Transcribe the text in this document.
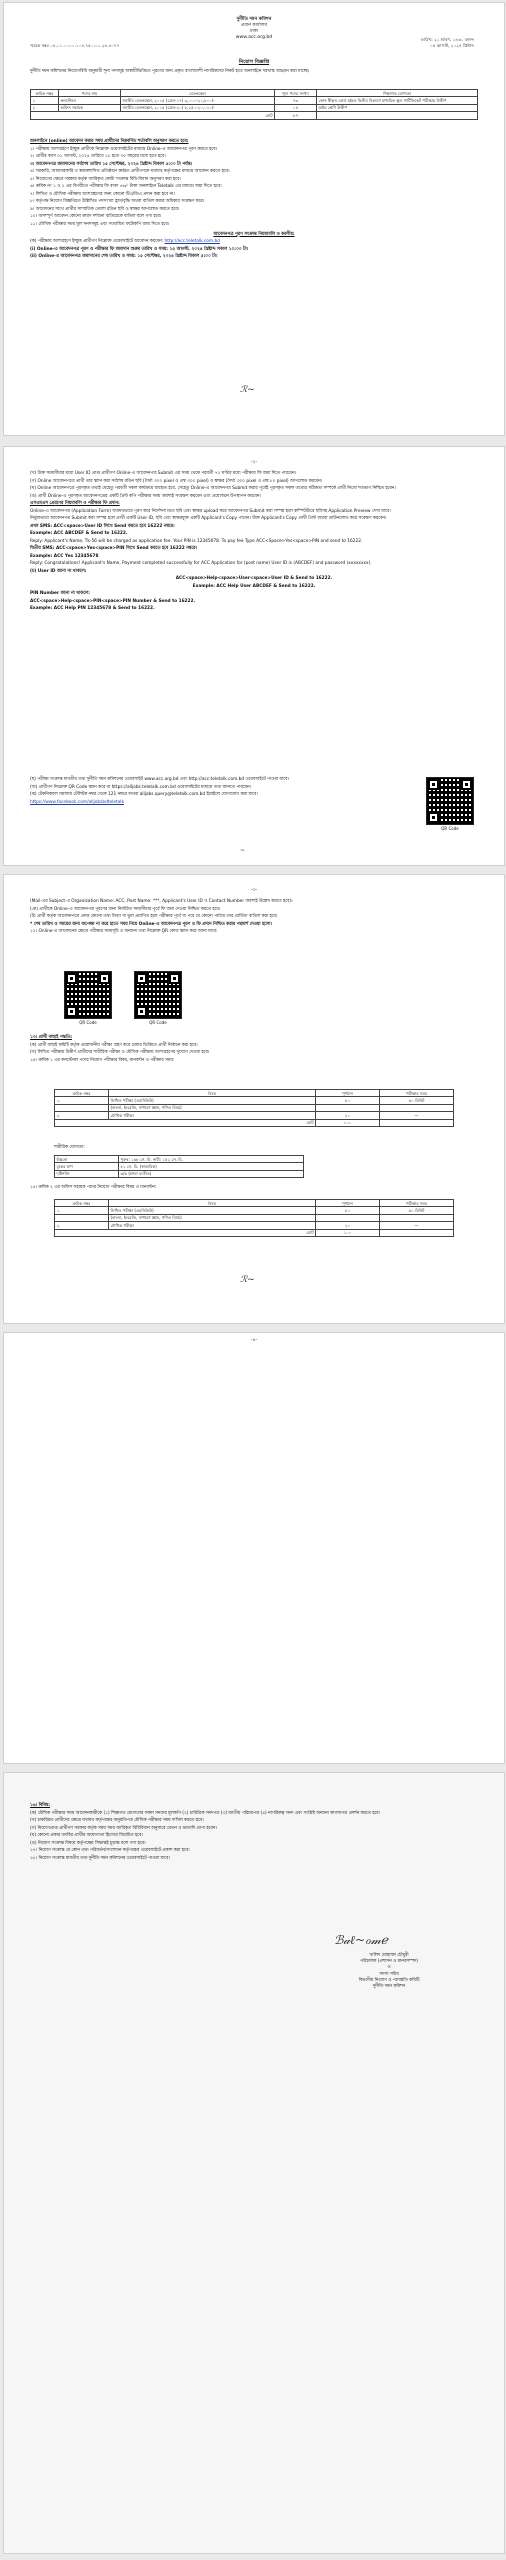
দুর্নীতি দমন কমিশন
প্রধান কার্যালয়
ঢাকা
www.acc.org.bd
স্মারক নম্বর ০৪.০১.০০০০.১০৪.৭৫.০০১.২৪.৪০৭৭
তারিখ: ২১ শ্রাবণ, ১৪৩১ বঙ্গাব্দ
০৫ আগস্ট, ২০২৪ খ্রিষ্টাব্দ
নিয়োগ বিজ্ঞপ্তি
দুর্নীতি দমন কমিশনের নিয়োগবিধি অনুযায়ী শূন্য পদসমূহ অস্থায়ীভিত্তিতে পূরণের জন্য প্রকৃত বাংলাদেশী নাগরিকদের নিকট হতে অনলাইনে দরখাস্ত আহ্বান করা যাচ্ছে।
ক্রমিক নম্বর	পদের নাম	বেতনস্কেল	শূন্য পদের সংখ্যা	শিক্ষাগত যোগ্যতা
১	কনস্টেবল	জাতীয় বেতনস্কেল, ২০১৫ (গ্রেড-১৭) ৯,০০০-২১,৮০০/-	৭৩	কোন স্বীকৃত বোর্ড হইতে দ্বিতীয় বিভাগে মাধ্যমিক স্কুল সার্টিফিকেট পরীক্ষায় উত্তীর্ণ
২	অফিস সহায়ক	জাতীয় বেতনস্কেল, ২০১৫ (গ্রেড-২০) ৮,২৫০-২০,০১০/-	১৪	অষ্টম শ্রেণি উত্তীর্ণ
মোট			৮৭	

অনলাইনে (online) আবেদন করার সময় প্রার্থীদের নিম্নবর্ণিত শর্তাবলি অনুসরণ করতে হবে:

১। পরীক্ষায় অংশগ্রহণে ইচ্ছুক প্রার্থীকে নিম্নোক্ত ওয়েবসাইটের মাধ্যমে Online-এ আবেদনপত্র পূরণ করতে হবে।

২। প্রার্থীর বয়স ০১ আগস্ট, ২০২৪ তারিখে ১৮ হতে ৩০ বছরের মধ্যে হতে হবে।

৩। আবেদনপত্র জমাদানের সর্বশেষ তারিখ ১৫ সেপ্টেম্বর, ২০২৪ খ্রিষ্টাব্দ বিকাল ৫:০০ টা পর্যন্ত।

৪। সরকারি, আধাসরকারি ও স্বায়ত্তশাসিত প্রতিষ্ঠানে কর্মরত প্রার্থীগণকে যথাযথ কর্তৃপক্ষের মাধ্যমে আবেদন করতে হবে।

৫। নিয়োগের ক্ষেত্রে সরকার কর্তৃক জারিকৃত কোটা সংক্রান্ত বিধি-বিধান অনুসরণ করা হবে।

৬। ক্রমিক নং ১ ও ২ এর বিপরীতে পরীক্ষার ফি বাবদ ৫৬/- টাকা অনলাইনে Teletalk এর মাধ্যমে জমা দিতে হবে।

৭। লিখিত ও মৌখিক পরীক্ষায় অংশগ্রহণের জন্য কোনো টিএ/ডিএ প্রদান করা হবে না।

৮। কর্তৃপক্ষ নিয়োগ বিজ্ঞপ্তিতে উল্লিখিত পদসংখ্যা হ্রাস/বৃদ্ধি অথবা বাতিল করার অধিকার সংরক্ষণ করে।

৯। আবেদনের সাথে প্রার্থীর সাম্প্রতিক তোলা রঙিন ছবি ও স্বাক্ষর আপলোড করতে হবে।

১০। অসম্পূর্ণ আবেদন কোনো কারণ দর্শানো ব্যতিরেকে বাতিল বলে গণ্য হবে।

১১। মৌখিক পরীক্ষার সময় মূল সনদসমূহ এবং সত্যায়িত ফটোকপি জমা দিতে হবে।

আবেদনপত্র পূরণ সংক্রান্ত নিয়মাবলি ও করণীয়:

(ক) পরীক্ষায় অংশগ্রহণে ইচ্ছুক প্রার্থীগণ নিম্নোক্ত ওয়েবসাইটে আবেদন করবেন: http://acc.teletalk.com.bd

(i) Online-এ আবেদনপত্র পূরণ ও পরীক্ষার ফি জমাদান শুরুর তারিখ ও সময়: ১৫ আগস্ট, ২০২৪ খ্রিষ্টাব্দ সকাল ১০:০০ টা।

(ii) Online-এ আবেদনপত্র জমাদানের শেষ তারিখ ও সময়: ১৫ সেপ্টেম্বর, ২০২৪ খ্রিষ্টাব্দ বিকাল ৫:০০ টা।

ℛ~
-২-

(খ) উক্ত সময়সীমার মধ্যে User ID প্রাপ্ত প্রার্থীগণ Online-এ আবেদনপত্র Submit এর সময় থেকে পরবর্তী ৭২ ঘণ্টার মধ্যে পরীক্ষার ফি জমা দিতে পারবেন।

(গ) Online আবেদনপত্রে প্রার্থী তার স্ক্যান করা সর্বশেষ রঙিন ছবি (দৈর্ঘ্য ৩০০ pixel ও প্রস্থ ৩০০ pixel) ও স্বাক্ষর (দৈর্ঘ্য ৩০০ pixel ও প্রস্থ ৮০ pixel) আপলোড করবেন।

(ঘ) Online আবেদনপত্রে পূরণকৃত তথ্যই যেহেতু পরবর্তী সকল কার্যক্রমে ব্যবহৃত হবে, সেহেতু Online-এ আবেদনপত্র Submit করার পূর্বেই পূরণকৃত সকল তথ্যের সঠিকতা সম্পর্কে প্রার্থী নিজে শতভাগ নিশ্চিত হবেন।

(ঙ) প্রার্থী Online-এ পূরণকৃত আবেদনপত্রের একটি প্রিন্ট কপি পরীক্ষার সময় অবশ্যই সংরক্ষণ করবেন এবং প্রয়োজনে উপস্থাপন করবেন।

এসএমএস প্রেরণের নিয়মাবলি ও পরীক্ষার ফি প্রদান:

Online-এ আবেদনপত্র (Application Form) যথাযথভাবে পূরণ করে নির্দেশনা মতে ছবি এবং স্বাক্ষর upload করে আবেদনপত্র Submit করা সম্পন্ন হলে কম্পিউটারে ছবিসহ Application Preview দেখা যাবে।

নির্ভুলভাবে আবেদনপত্র Submit করা সম্পন্ন হলে প্রার্থী একটি User ID, ছবি এবং স্বাক্ষরযুক্ত একটি Applicant's Copy পাবেন। উক্ত Applicant's Copy প্রার্থী প্রিন্ট অথবা ডাউনলোড করে সংরক্ষণ করবেন।

প্রথম SMS: ACC<space>User ID লিখে Send করতে হবে 16222 নম্বরে।

Example: ACC ABCDEF & Send to 16222.

Reply: Applicant's Name, Tk-56 will be charged as application fee. Your PIN is 12345678. To pay fee Type ACC<Space>Yes<space>PIN and send to 16222.

দ্বিতীয় SMS: ACC<space>Yes<space>PIN লিখে Send করতে হবে 16222 নম্বরে।

Example: ACC Yes 12345678

Reply: Congratulations! Applicant's Name, Payment completed successfully for ACC Application for (post name) User ID is (ABCDEF) and password (xxxxxxxx).

(চ) User ID জানা না থাকলে:

ACC<space>Help<space>User<space>User ID & Send to 16222.

Example: ACC Help User ABCDEF & Send to 16222.

PIN Number জানা না থাকলে:

ACC<space>Help<space>PIN<space>PIN Number & Send to 16222.

Example: ACC Help PIN 12345678 & Send to 16222.

(ছ) পরীক্ষা সংক্রান্ত যাবতীয় তথ্য দুর্নীতি দমন কমিশনের ওয়েবসাইট www.acc.org.bd এবং http://acc.teletalk.com.bd ওয়েবসাইটে পাওয়া যাবে।

(জ) প্রার্থীগণ নিম্নোক্ত QR Code স্ক্যান করে বা https://alljobs.teletalk.com.bd ওয়েবসাইটের মাধ্যমে তথ্য জানতে পারবেন।

(ঝ) টেকনিক্যাল সমস্যায় টেলিটক নম্বর থেকে 121 নম্বরে অথবা alljobs.query@teletalk.com.bd ইমেইলে যোগাযোগ করা যাবে।

https://www.facebook.com/alljobsbdteletalk

QR Code
~
-৩-

(Mail-এর Subject-এ Organization Name: ACC, Post Name: ***, Applicant's User ID ও Contact Number অবশ্যই উল্লেখ করতে হবে)।

(ঞ) প্রার্থীকে Online-এ আবেদনপত্র পূরণের জন্য নির্ধারিত সময়সীমার পূর্বে ফি জমা দেওয়া নিশ্চিত করতে হবে।

(ট) প্রার্থী কর্তৃক আবেদনপত্রে প্রদত্ত কোনো তথ্য মিথ্যা বা ভুল প্রমাণিত হলে পরীক্ষার পূর্বে বা পরে যে কোনো পর্যায়ে তার প্রার্থিতা বাতিল করা হবে।

* শেষ তারিখ ও সময়ের জন্য অপেক্ষা না করে হাতে সময় নিয়ে Online-এ আবেদনপত্র পূরণ ও ফি প্রদান নিশ্চিত করার পরামর্শ দেওয়া হলো।

১২। Online-এ আবেদনের ক্ষেত্রে পরীক্ষার সময়সূচি ও অন্যান্য তথ্য নিম্নোক্ত QR কোড স্ক্যান করে জানা যাবে:

QR Code	QR Code

১৩। প্রার্থী বাছাই পদ্ধতি:

(ক) প্রার্থী বাছাই কমিটি কর্তৃক প্রয়োজনীয় পরীক্ষা গ্রহণ করে মেধার ভিত্তিতে প্রার্থী নির্বাচন করা হবে।

(খ) লিখিত পরীক্ষায় উত্তীর্ণ প্রার্থীদের শারীরিক পরীক্ষা ও মৌখিক পরীক্ষায় অংশগ্রহণের সুযোগ দেওয়া হবে।

১৪। ক্রমিক ১ এর কনস্টেবল পদের নিয়োগ পরীক্ষার বিষয়, মানবন্টন ও পরীক্ষার সময়:

ক্রমিক নম্বর	বিষয়	পূর্ণমান	পরীক্ষার সময়
১.	লিখিত পরীক্ষা (এমসিকিউ)	৮০	৬০ মিনিট
	(বাংলা, ইংরেজি, সাধারণ জ্ঞান, গণিত বিষয়)		
২.	মৌখিক পরীক্ষা	২০	—
মোট		১০০	
শারীরিক যোগ্যতা:
উচ্চতা	পুরুষ: ১৬৮ সে. মি. নারী: ১৫২ সে. মি.
বুকের মাপ	৮১ সে. মি. (স্বাভাবিক)
দৃষ্টিশক্তি	৬/৬ (চশমা ব্যতীত)
১৫। ক্রমিক ২ এর অফিস সহায়ক পদের নিয়োগ পরীক্ষার বিষয় ও মানবন্টন:
ক্রমিক নম্বর	বিষয়	পূর্ণমান	পরীক্ষার সময়
১.	লিখিত পরীক্ষা (এমসিকিউ)	৮০	৬০ মিনিট
	(বাংলা, ইংরেজি, সাধারণ জ্ঞান, গণিত বিষয়)		
২.	মৌখিক পরীক্ষা	২০	—
মোট		১০০	
ℛ~
-৪-

১৬। বিবিধ:

(ক) মৌখিক পরীক্ষার সময় আবেদনকারীকে (১) শিক্ষাগত যোগ্যতার সকল সনদের মূলকপি (২) চারিত্রিক সনদপত্র (৩) জাতীয় পরিচয়পত্র (৪) নাগরিকত্ব সনদ এবং সংশ্লিষ্ট অন্যান্য কাগজপত্র প্রদর্শন করতে হবে।

(খ) চাকরিরত প্রার্থীদের ক্ষেত্রে যথাযথ কর্তৃপক্ষের অনুমতিপত্র মৌখিক পরীক্ষার সময় দাখিল করতে হবে।

(গ) নিয়োগপ্রাপ্ত প্রার্থীগণ সরকার কর্তৃক সময় সময় জারিকৃত বিধিবিধান অনুসারে বেতন ও ভাতাদি প্রাপ্য হবেন।

(ঘ) কোনো প্রকার তদবির প্রার্থীর অযোগ্যতা হিসেবে বিবেচিত হবে।

(ঙ) নিয়োগ সংক্রান্ত বিষয়ে কর্তৃপক্ষের সিদ্ধান্তই চূড়ান্ত বলে গণ্য হবে।

১৭। নিয়োগ সংক্রান্ত যে কোন তথ্য পরিবর্তন/সংশোধন কর্তৃপক্ষের ওয়েবসাইটে প্রকাশ করা হবে।

১৮। নিয়োগ সংক্রান্ত যাবতীয় তথ্য দুর্নীতি দমন কমিশনের ওয়েবসাইটে পাওয়া যাবে।

ℬ𝒶ℓ~ℴ𝓂ℯ
খালিদ মোহাম্মদ চৌধুরী
পরিচালক (প্রশাসন ও মানবসম্পদ)
ও
সদস্য সচিব
বিভাগীয় নিয়োগ ও পদোন্নতি কমিটি
দুর্নীতি দমন কমিশন
